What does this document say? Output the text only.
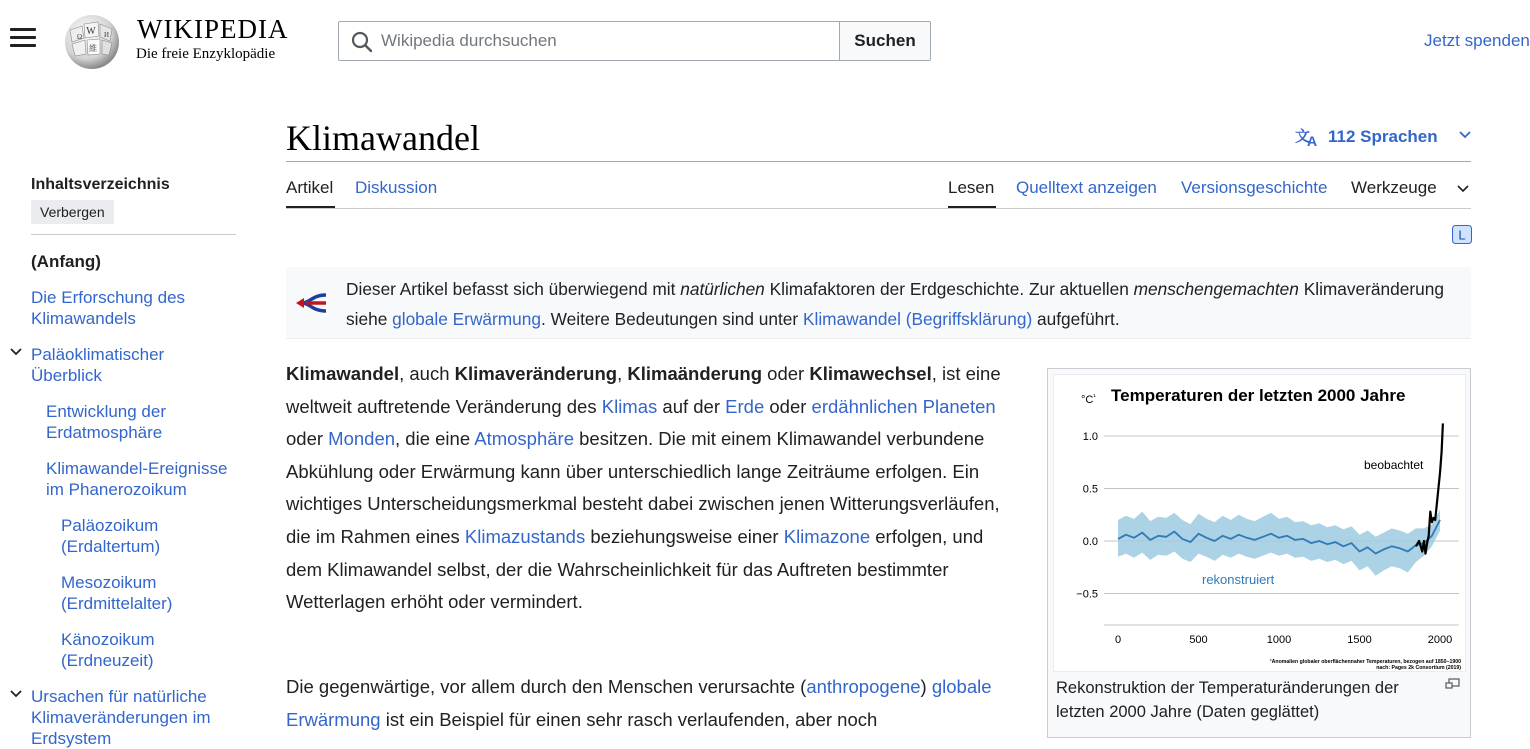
W
Ω	И
維
WIKIPEDIA
Die freie Enzyklopädie
Wikipedia durchsuchen
Suchen	Jetzt spenden
Inhaltsverzeichnis
Verbergen
(Anfang)
Die Erforschung des Klimawandels
Paläoklimatischer Überblick
Entwicklung der Erdatmosphäre
Klimawandel-Ereignisse im Phanerozoikum
Paläozoikum (Erdaltertum)
Mesozoikum (Erdmittelalter)
Känozoikum (Erdneuzeit)
Ursachen für natürliche Klimaveränderungen im Erdsystem
Klimawandel	文
A 112 Sprachen
Artikel Diskussion	Lesen Quelltext anzeigen Versionsgeschichte Werkzeuge
L
Dieser Artikel befasst sich überwiegend mit natürlichen Klimafaktoren der Erdgeschichte. Zur aktuellen menschengemachten Klimaveränderung siehe globale Erwärmung. Weitere Bedeutungen sind unter Klimawandel (Begriffsklärung) aufgeführt.

Klimawandel, auch Klimaveränderung, Klimaänderung oder Klimawechsel, ist eine weltweit auftretende Veränderung des Klimas auf der Erde oder erdähnlichen Planeten oder Monden, die eine Atmosphäre besitzen. Die mit einem Klimawandel verbundene Abkühlung oder Erwärmung kann über unterschiedlich lange Zeiträume erfolgen. Ein wichtiges Unterscheidungsmerkmal besteht dabei zwischen jenen Witterungsverläufen, die im Rahmen eines Klimazustands beziehungsweise einer Klimazone erfolgen, und dem Klimawandel selbst, der die Wahrscheinlichkeit für das Auftreten bestimmter Wetterlagen erhöht oder vermindert.

Die gegenwärtige, vor allem durch den Menschen verursachte (anthropogene) globale Erwärmung ist ein Beispiel für einen sehr rasch verlaufenden, aber noch

1.0
0.5
0.0
−0.5
0	500	1000	1500	2000
Temperaturen der letzten 2000 Jahre
$^\circ C^{^1}$
beobachtet
rekonstruiert
¹Anomalien globaler oberflächennaher Temperaturen, bezogen auf 1850–1900
nach: Pages 2k Consortium (2019)
Rekonstruktion der Temperaturänderungen der letzten 2000 Jahre (Daten geglättet)
